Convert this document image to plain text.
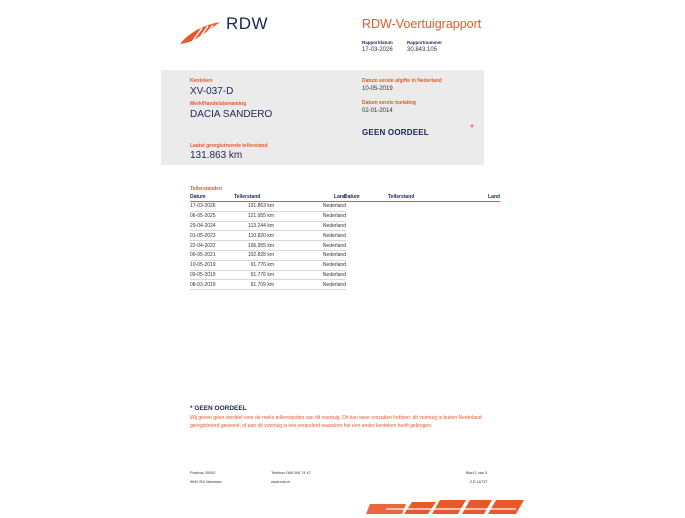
RDW	RDW-Voertuigrapport
Rapportdatum
17-03-2026
Rapportnummer
30.843.105
Kenteken
XV-037-D
Merk/Handelsbenaming
DACIA SANDERO
Laatst geregistreerde tellerstand
131.863 km
Datum eerste afgifte in Nederland
10-05-2019
Datum eerste toelating
02-01-2014
GEEN OORDEEL	*
Tellerstanden
Datum	Tellerstand	Land
17-03-2026	131.863 km	Nederland
06-05-2025	121.955 km	Nederland
29-04-2024	113.244 km	Nederland
01-05-2023	110.820 km	Nederland
22-04-2022	106.955 km	Nederland
06-05-2021	102.828 km	Nederland
10-05-2019	91.776 km	Nederland
09-05-2019	91.776 km	Nederland
08-03-2019	91.709 km	Nederland
Datum	Tellerstand	Land
* GEEN OORDEEL
Wij geven geen oordeel over de reeks tellerstanden van dit voertuig. Dit kan twee oorzaken hebben: dit voertuig is buiten Nederland geregistreerd geweest, of aan dit voertuig is iets veranderd waardoor het een ander kenteken heeft gekregen.
Postbus 30000
9640 RA Veendam
Telefoon 088 008 74 47
www.rdw.nl
Blad 1 van 3
2.E.1673T
